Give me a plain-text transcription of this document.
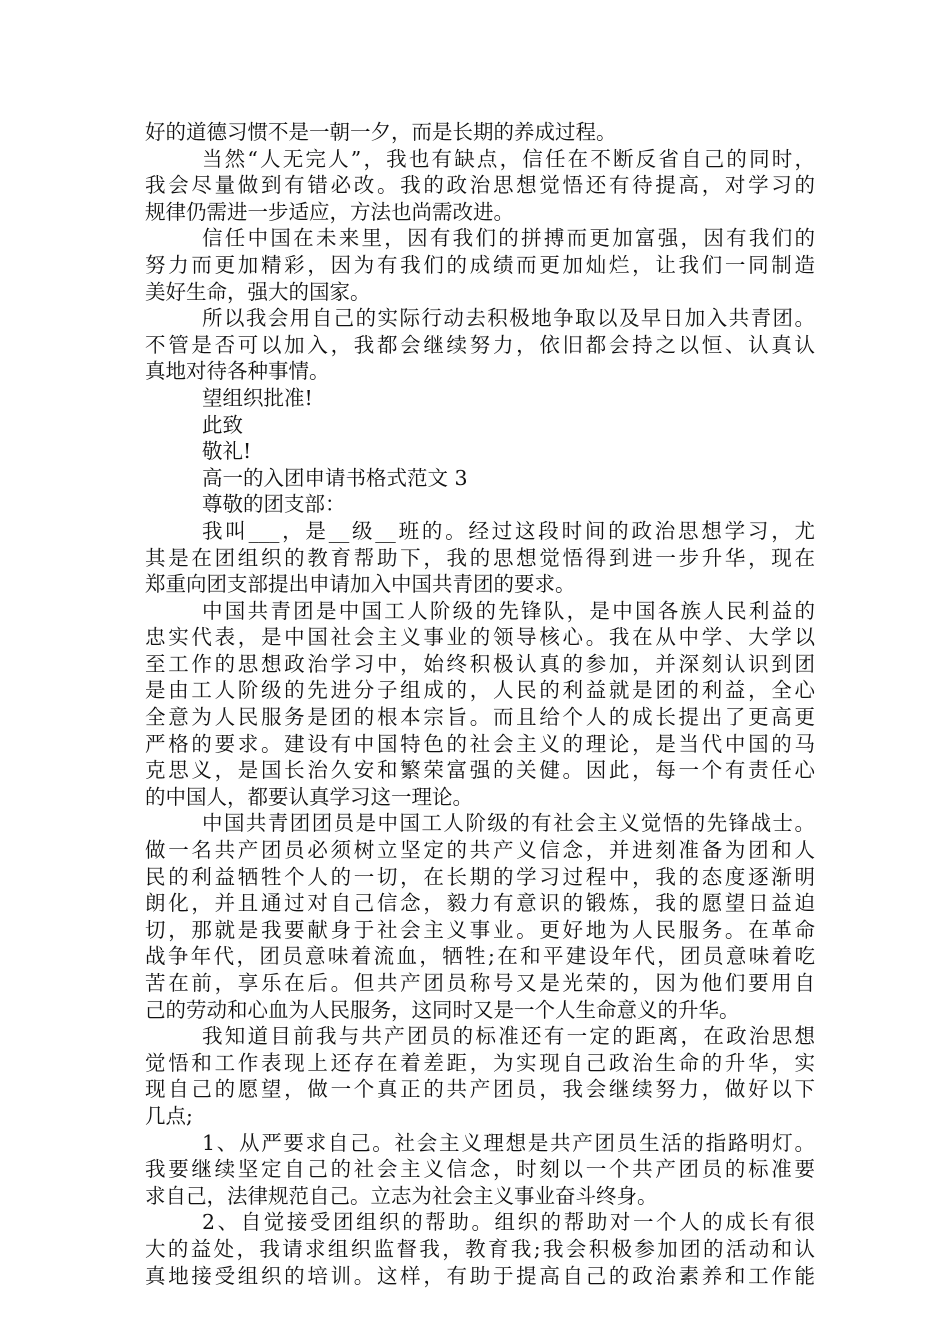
好的道德习惯不是一朝一夕，而是长期的养成过程。
当然“人无完人”，我也有缺点，信任在不断反省自己的同时，
我会尽量做到有错必改。我的政治思想觉悟还有待提高，对学习的
规律仍需进一步适应，方法也尚需改进。
信任中国在未来里，因有我们的拼搏而更加富强，因有我们的
努力而更加精彩，因为有我们的成绩而更加灿烂，让我们一同制造
美好生命，强大的国家。
所以我会用自己的实际行动去积极地争取以及早日加入共青团。
不管是否可以加入，我都会继续努力，依旧都会持之以恒、认真认
真地对待各种事情。
望组织批准!
此致
敬礼!
高一的入团申请书格式范文 3
尊敬的团支部：
我叫___，是__级__班的。经过这段时间的政治思想学习，尤
其是在团组织的教育帮助下，我的思想觉悟得到进一步升华，现在
郑重向团支部提出申请加入中国共青团的要求。
中国共青团是中国工人阶级的先锋队，是中国各族人民利益的
忠实代表，是中国社会主义事业的领导核心。我在从中学、大学以
至工作的思想政治学习中，始终积极认真的参加，并深刻认识到团
是由工人阶级的先进分子组成的，人民的利益就是团的利益，全心
全意为人民服务是团的根本宗旨。而且给个人的成长提出了更高更
严格的要求。建设有中国特色的社会主义的理论，是当代中国的马
克思义，是国长治久安和繁荣富强的关健。因此，每一个有责任心
的中国人，都要认真学习这一理论。
中国共青团团员是中国工人阶级的有社会主义觉悟的先锋战士。
做一名共产团员必须树立坚定的共产义信念，并进刻准备为团和人
民的利益牺牲个人的一切，在长期的学习过程中，我的态度逐渐明
朗化，并且通过对自己信念，毅力有意识的锻炼，我的愿望日益迫
切，那就是我要献身于社会主义事业。更好地为人民服务。在革命
战争年代，团员意味着流血，牺牲;在和平建设年代，团员意味着吃
苦在前，享乐在后。但共产团员称号又是光荣的，因为他们要用自
己的劳动和心血为人民服务，这同时又是一个人生命意义的升华。
我知道目前我与共产团员的标准还有一定的距离，在政治思想
觉悟和工作表现上还存在着差距，为实现自己政治生命的升华，实
现自己的愿望，做一个真正的共产团员，我会继续努力，做好以下
几点;
1、从严要求自己。社会主义理想是共产团员生活的指路明灯。
我要继续坚定自己的社会主义信念，时刻以一个共产团员的标准要
求自己，法律规范自己。立志为社会主义事业奋斗终身。
2、自觉接受团组织的帮助。组织的帮助对一个人的成长有很
大的益处，我请求组织监督我，教育我;我会积极参加团的活动和认
真地接受组织的培训。这样，有助于提高自己的政治素养和工作能
